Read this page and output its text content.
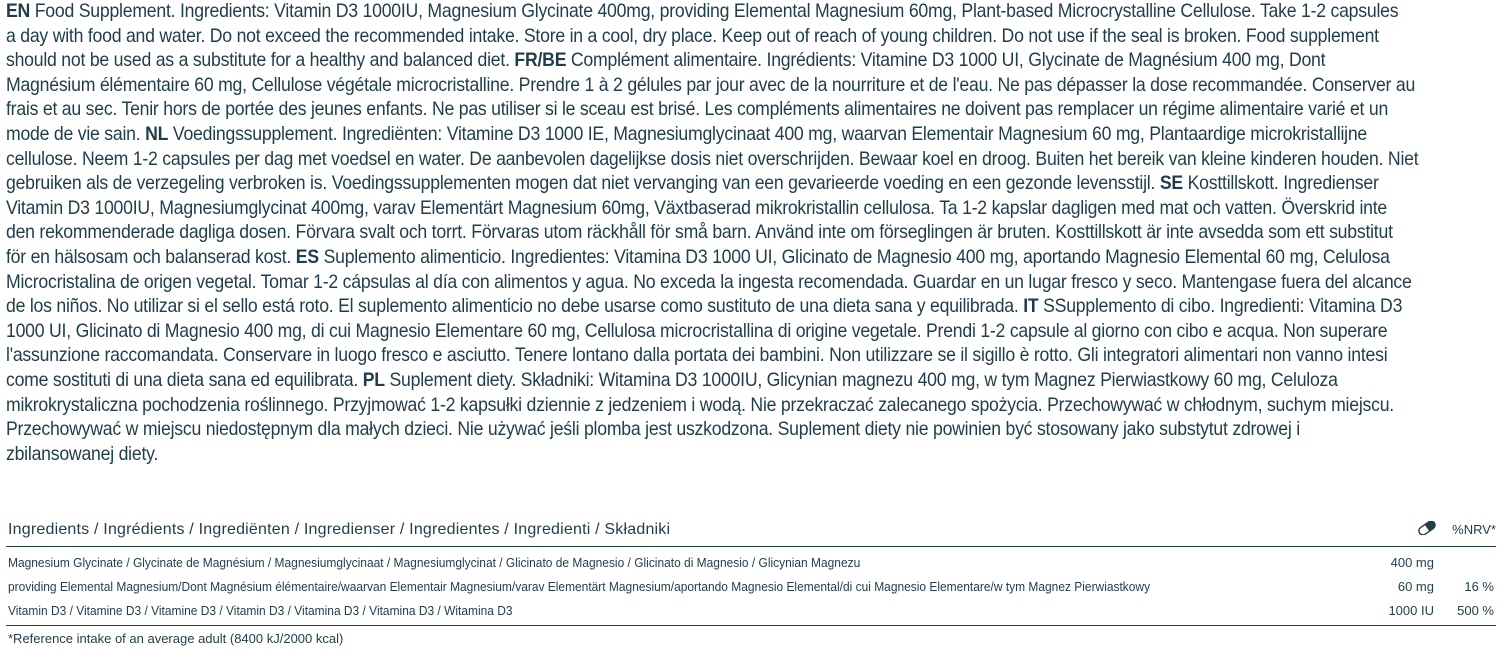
EN Food Supplement. Ingredients: Vitamin D3 1000IU, Magnesium Glycinate 400mg, providing Elemental Magnesium 60mg, Plant-based Microcrystalline Cellulose. Take 1-2 capsules
a day with food and water. Do not exceed the recommended intake. Store in a cool, dry place. Keep out of reach of young children. Do not use if the seal is broken. Food supplement
should not be used as a substitute for a healthy and balanced diet. FR/BE Complément alimentaire. Ingrédients: Vitamine D3 1000 UI, Glycinate de Magnésium 400 mg, Dont
Magnésium élémentaire 60 mg, Cellulose végétale microcristalline. Prendre 1 à 2 gélules par jour avec de la nourriture et de l'eau. Ne pas dépasser la dose recommandée. Conserver au
frais et au sec. Tenir hors de portée des jeunes enfants. Ne pas utiliser si le sceau est brisé. Les compléments alimentaires ne doivent pas remplacer un régime alimentaire varié et un
mode de vie sain. NL Voedingssupplement. Ingrediënten: Vitamine D3 1000 IE, Magnesiumglycinaat 400 mg, waarvan Elementair Magnesium 60 mg, Plantaardige microkristallijne
cellulose. Neem 1-2 capsules per dag met voedsel en water. De aanbevolen dagelijkse dosis niet overschrijden. Bewaar koel en droog. Buiten het bereik van kleine kinderen houden. Niet
gebruiken als de verzegeling verbroken is. Voedingssupplementen mogen dat niet vervanging van een gevarieerde voeding en een gezonde levensstijl. SE Kosttillskott. Ingredienser
Vitamin D3 1000IU, Magnesiumglycinat 400mg, varav Elementärt Magnesium 60mg, Växtbaserad mikrokristallin cellulosa. Ta 1-2 kapslar dagligen med mat och vatten. Överskrid inte
den rekommenderade dagliga dosen. Förvara svalt och torrt. Förvaras utom räckhåll för små barn. Använd inte om förseglingen är bruten. Kosttillskott är inte avsedda som ett substitut
för en hälsosam och balanserad kost. ES Suplemento alimenticio. Ingredientes: Vitamina D3 1000 UI, Glicinato de Magnesio 400 mg, aportando Magnesio Elemental 60 mg, Celulosa
Microcristalina de origen vegetal. Tomar 1-2 cápsulas al día con alimentos y agua. No exceda la ingesta recomendada. Guardar en un lugar fresco y seco. Mantengase fuera del alcance
de los niños. No utilizar si el sello está roto. El suplemento alimenticio no debe usarse como sustituto de una dieta sana y equilibrada. IT SSupplemento di cibo. Ingredienti: Vitamina D3
1000 UI, Glicinato di Magnesio 400 mg, di cui Magnesio Elementare 60 mg, Cellulosa microcristallina di origine vegetale. Prendi 1-2 capsule al giorno con cibo e acqua. Non superare
l'assunzione raccomandata. Conservare in luogo fresco e asciutto. Tenere lontano dalla portata dei bambini. Non utilizzare se il sigillo è rotto. Gli integratori alimentari non vanno intesi
come sostituti di una dieta sana ed equilibrata. PL Suplement diety. Składniki: Witamina D3 1000IU, Glicynian magnezu 400 mg, w tym Magnez Pierwiastkowy 60 mg, Celuloza
mikrokrystaliczna pochodzenia roślinnego. Przyjmować 1-2 kapsułki dziennie z jedzeniem i wodą. Nie przekraczać zalecanego spożycia. Przechowywać w chłodnym, suchym miejscu.
Przechowywać w miejscu niedostępnym dla małych dzieci. Nie używać jeśli plomba jest uszkodzona. Suplement diety nie powinien być stosowany jako substytut zdrowej i
zbilansowanej diety.
Ingredients / Ingrédients / Ingrediënten / Ingredienser / Ingredientes / Ingredienti / Składniki	%NRV*
Magnesium Glycinate / Glycinate de Magnésium / Magnesiumglycinaat / Magnesiumglycinat / Glicinato de Magnesio / Glicinato di Magnesio / Glicynian Magnezu	400 mg
providing Elemental Magnesium/Dont Magnésium élémentaire/waarvan Elementair Magnesium/varav Elementärt Magnesium/aportando Magnesio Elemental/di cui Magnesio Elementare/w tym Magnez Pierwiastkowy	60 mg 16 %
Vitamin D3 / Vitamine D3 / Vitamine D3 / Vitamin D3 / Vitamina D3 / Vitamina D3 / Witamina D3	1000 IU 500 %
*Reference intake of an average adult (8400 kJ/2000 kcal)
